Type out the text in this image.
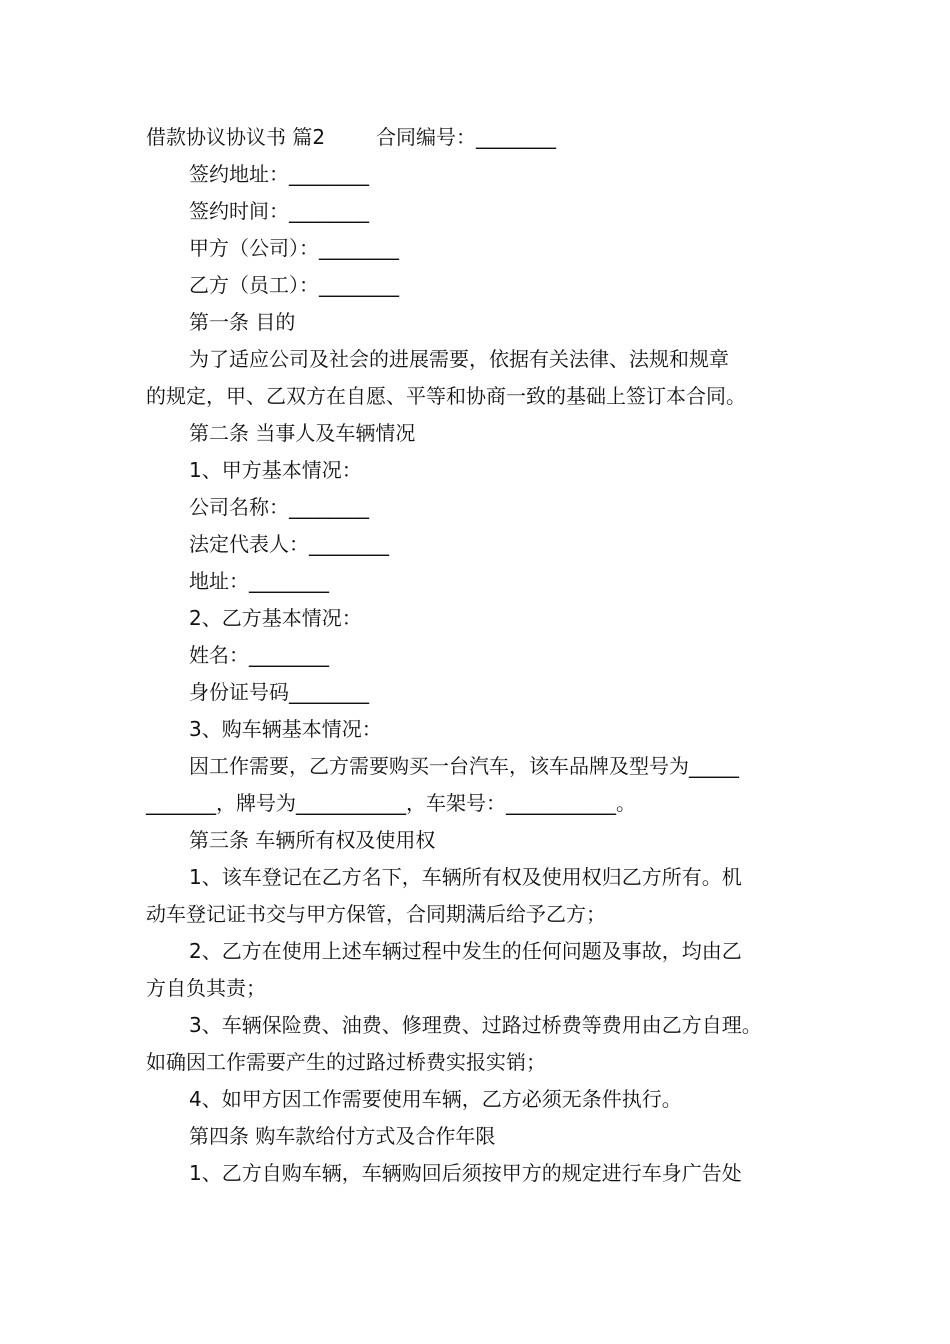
借款协议协议书 篇2        合同编号：________
签约地址：________
签约时间：________
甲方（公司）：________
乙方（员工）：________
第一条 目的
为了适应公司及社会的进展需要，依据有关法律、法规和规章
的规定，甲、乙双方在自愿、平等和协商一致的基础上签订本合同。
第二条 当事人及车辆情况
1、甲方基本情况：
公司名称：________
法定代表人：________
地址：________
2、乙方基本情况：
姓名：________
身份证号码________
3、购车辆基本情况：
因工作需要，乙方需要购买一台汽车，该车品牌及型号为_____
_______，牌号为___________，车架号：___________。
第三条 车辆所有权及使用权
1、该车登记在乙方名下，车辆所有权及使用权归乙方所有。机
动车登记证书交与甲方保管，合同期满后给予乙方；
2、乙方在使用上述车辆过程中发生的任何问题及事故，均由乙
方自负其责；
3、车辆保险费、油费、修理费、过路过桥费等费用由乙方自理。
如确因工作需要产生的过路过桥费实报实销；
4、如甲方因工作需要使用车辆，乙方必须无条件执行。
第四条 购车款给付方式及合作年限
1、乙方自购车辆，车辆购回后须按甲方的规定进行车身广告处
